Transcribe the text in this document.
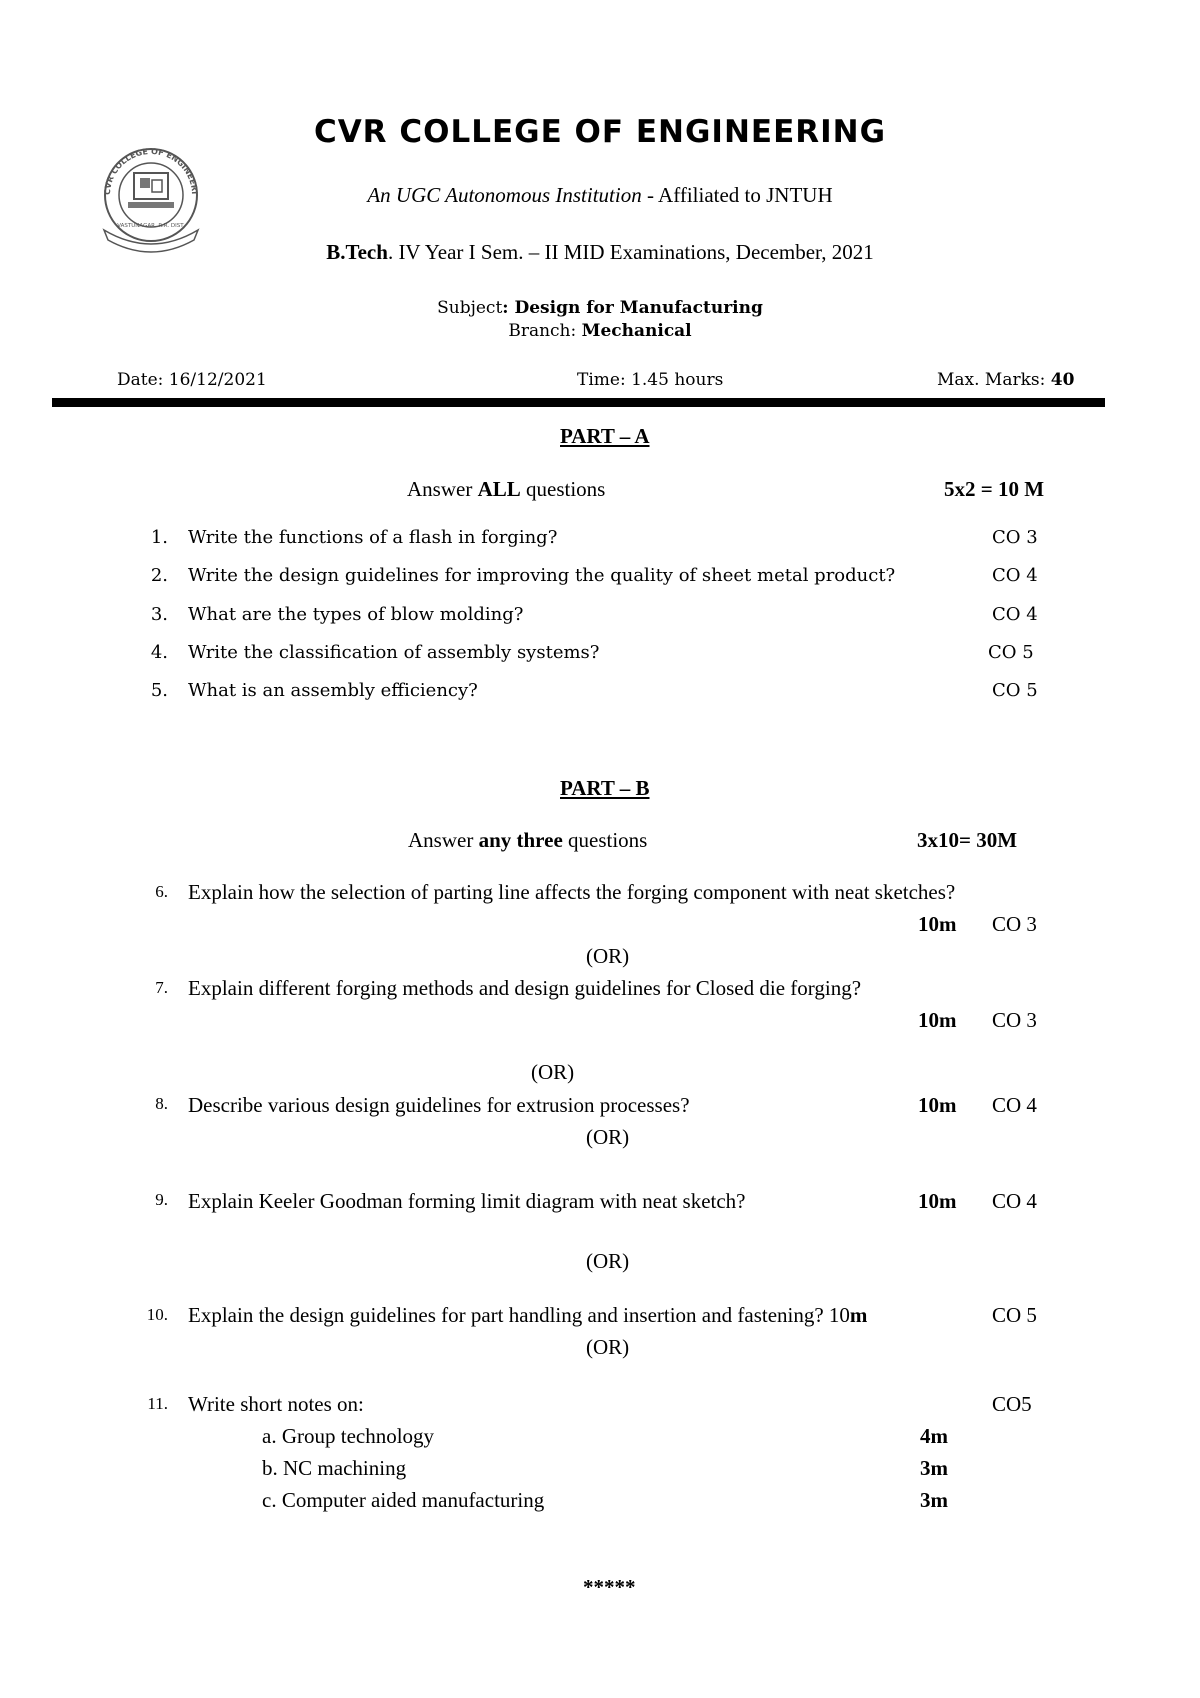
CVR COLLEGE OF ENGINEERI
VASTUNAGAR, R.R. DIST.
CVR COLLEGE OF ENGINEERING
An UGC Autonomous Institution - Affiliated to JNTUH
B.Tech. IV Year I Sem. – II MID Examinations, December, 2021
Subject: Design for Manufacturing
Branch: Mechanical
Date: 16/12/2021	Time: 1.45 hours	Max. Marks: 40
PART – A
Answer ALL questions	5x2 = 10 M
1. Write the functions of a flash in forging?	CO 3
2. Write the design guidelines for improving the quality of sheet metal product?	CO 4
3. What are the types of blow molding?	CO 4
4. Write the classification of assembly systems?	CO 5
5. What is an assembly efficiency?	CO 5
PART – B
Answer any three questions	3x10= 30M
6. Explain how the selection of parting line affects the forging component with neat sketches?
10m CO 3
(OR)
7. Explain different forging methods and design guidelines for Closed die forging?
10m CO 3
(OR)
8. Describe various design guidelines for extrusion processes?	10m CO 4
(OR)
9. Explain Keeler Goodman forming limit diagram with neat sketch?	10m CO 4
(OR)
10. Explain the design guidelines for part handling and insertion and fastening? 10m	CO 5
(OR)
11. Write short notes on:	CO5
a. Group technology	4m
b. NC machining	3m
c. Computer aided manufacturing	3m
*****
